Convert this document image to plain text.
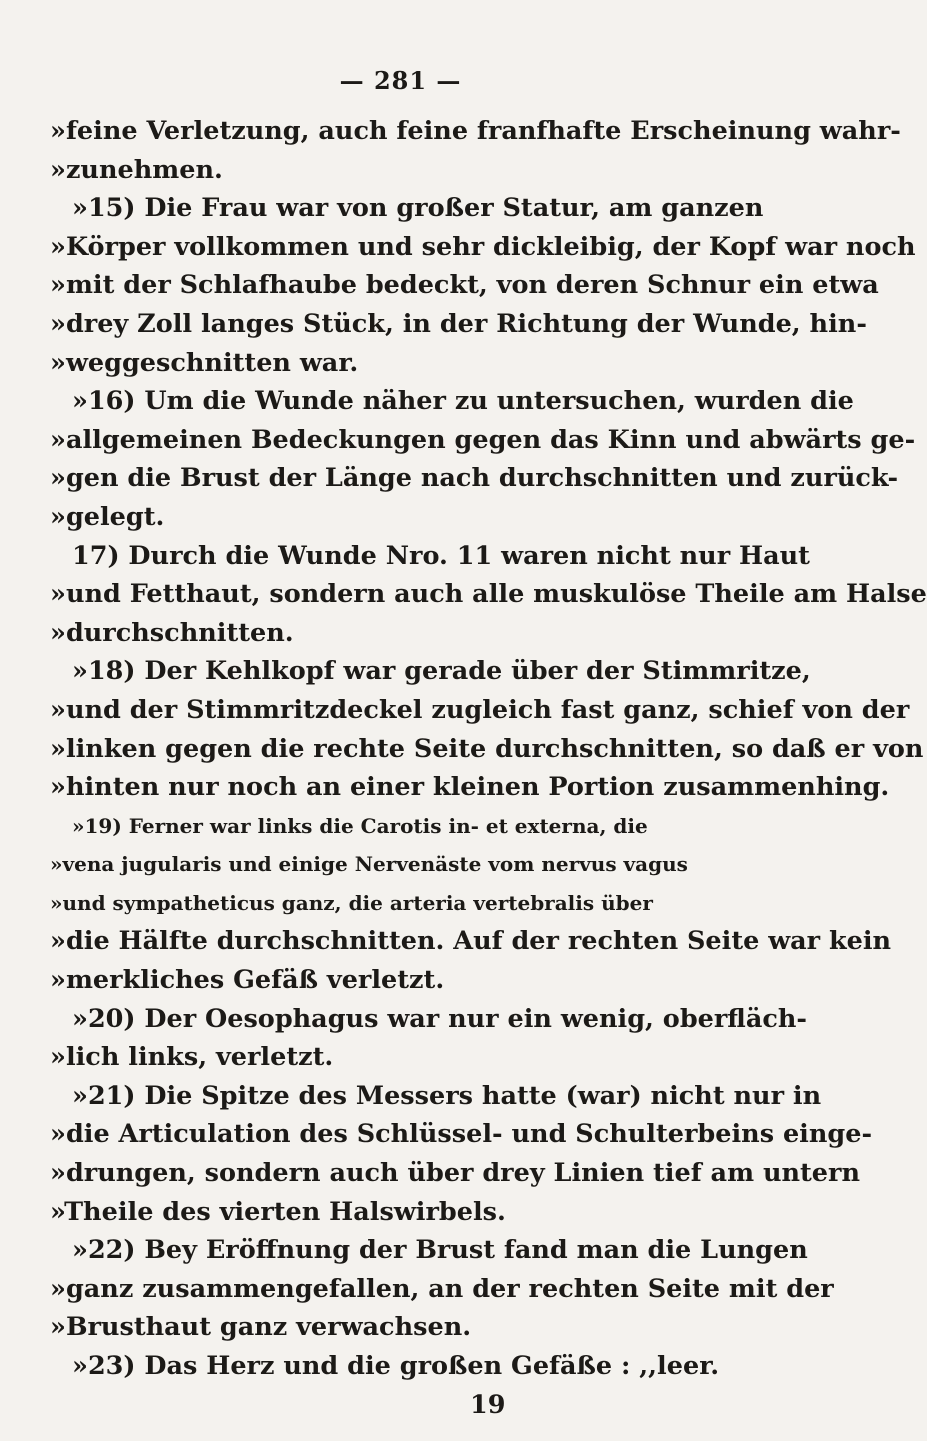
— 281 —
»feine Verletzung, auch feine franfhafte Erscheinung wahr-
»zunehmen.
»15) Die Frau war von großer Statur, am ganzen
»Körper vollkommen und sehr dickleibig, der Kopf war noch
»mit der Schlafhaube bedeckt, von deren Schnur ein etwa
»drey Zoll langes Stück, in der Richtung der Wunde, hin-
»weggeschnitten war.
»16) Um die Wunde näher zu untersuchen, wurden die
»allgemeinen Bedeckungen gegen das Kinn und abwärts ge-
»gen die Brust der Länge nach durchschnitten und zurück-
»gelegt.
17) Durch die Wunde Nro. 11 waren nicht nur Haut
»und Fetthaut, sondern auch alle muskulöse Theile am Halse
»durchschnitten.
»18) Der Kehlkopf war gerade über der Stimmritze,
»und der Stimmritzdeckel zugleich fast ganz, schief von der
»linken gegen die rechte Seite durchschnitten, so daß er von
»hinten nur noch an einer kleinen Portion zusammenhing.
»19) Ferner war links die Carotis in- et externa, die
»vena jugularis und einige Nervenäste vom nervus vagus
»und sympatheticus ganz, die arteria vertebralis über
»die Hälfte durchschnitten. Auf der rechten Seite war kein
»merkliches Gefäß verletzt.
»20) Der Oesophagus war nur ein wenig, oberfläch-
»lich links, verletzt.
»21) Die Spitze des Messers hatte (war) nicht nur in
»die Articulation des Schlüssel- und Schulterbeins einge-
»drungen, sondern auch über drey Linien tief am untern
»Theile des vierten Halswirbels.
»22) Bey Eröffnung der Brust fand man die Lungen
»ganz zusammengefallen, an der rechten Seite mit der
»Brusthaut ganz verwachsen.
»23) Das Herz und die großen Gefäße : ,,leer.
19
